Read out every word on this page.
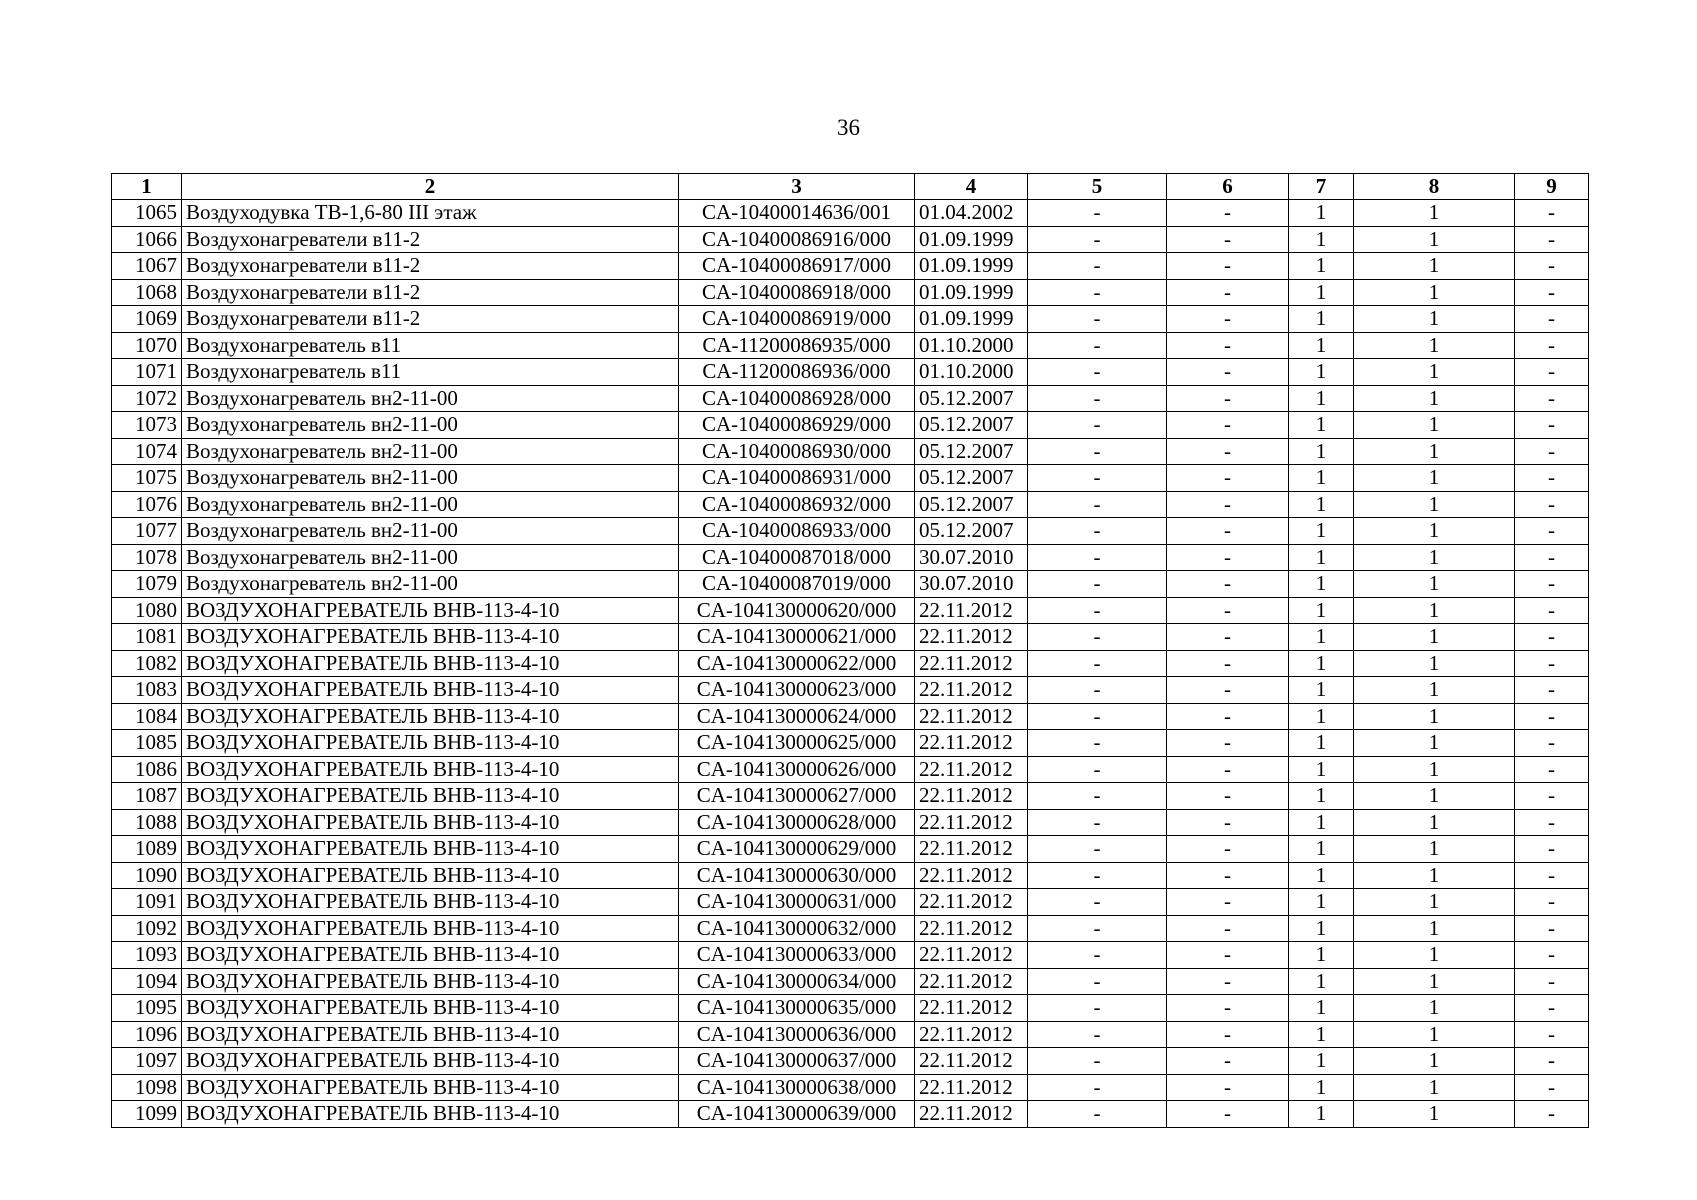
36
1	2	3	4	5	6	7	8	9
1065	Воздуходувка ТВ-1,6-80 III этаж	CA-10400014636/001	01.04.2002	-	-	1	1	-
1066	Воздухонагреватели в11-2	CA-10400086916/000	01.09.1999	-	-	1	1	-
1067	Воздухонагреватели в11-2	CA-10400086917/000	01.09.1999	-	-	1	1	-
1068	Воздухонагреватели в11-2	CA-10400086918/000	01.09.1999	-	-	1	1	-
1069	Воздухонагреватели в11-2	CA-10400086919/000	01.09.1999	-	-	1	1	-
1070	Воздухонагреватель в11	CA-11200086935/000	01.10.2000	-	-	1	1	-
1071	Воздухонагреватель в11	CA-11200086936/000	01.10.2000	-	-	1	1	-
1072	Воздухонагреватель вн2-11-00	CA-10400086928/000	05.12.2007	-	-	1	1	-
1073	Воздухонагреватель вн2-11-00	CA-10400086929/000	05.12.2007	-	-	1	1	-
1074	Воздухонагреватель вн2-11-00	CA-10400086930/000	05.12.2007	-	-	1	1	-
1075	Воздухонагреватель вн2-11-00	CA-10400086931/000	05.12.2007	-	-	1	1	-
1076	Воздухонагреватель вн2-11-00	CA-10400086932/000	05.12.2007	-	-	1	1	-
1077	Воздухонагреватель вн2-11-00	CA-10400086933/000	05.12.2007	-	-	1	1	-
1078	Воздухонагреватель вн2-11-00	CA-10400087018/000	30.07.2010	-	-	1	1	-
1079	Воздухонагреватель вн2-11-00	CA-10400087019/000	30.07.2010	-	-	1	1	-
1080	ВОЗДУХОНАГРЕВАТЕЛЬ ВНВ-113-4-10	CA-104130000620/000	22.11.2012	-	-	1	1	-
1081	ВОЗДУХОНАГРЕВАТЕЛЬ ВНВ-113-4-10	CA-104130000621/000	22.11.2012	-	-	1	1	-
1082	ВОЗДУХОНАГРЕВАТЕЛЬ ВНВ-113-4-10	CA-104130000622/000	22.11.2012	-	-	1	1	-
1083	ВОЗДУХОНАГРЕВАТЕЛЬ ВНВ-113-4-10	CA-104130000623/000	22.11.2012	-	-	1	1	-
1084	ВОЗДУХОНАГРЕВАТЕЛЬ ВНВ-113-4-10	CA-104130000624/000	22.11.2012	-	-	1	1	-
1085	ВОЗДУХОНАГРЕВАТЕЛЬ ВНВ-113-4-10	CA-104130000625/000	22.11.2012	-	-	1	1	-
1086	ВОЗДУХОНАГРЕВАТЕЛЬ ВНВ-113-4-10	CA-104130000626/000	22.11.2012	-	-	1	1	-
1087	ВОЗДУХОНАГРЕВАТЕЛЬ ВНВ-113-4-10	CA-104130000627/000	22.11.2012	-	-	1	1	-
1088	ВОЗДУХОНАГРЕВАТЕЛЬ ВНВ-113-4-10	CA-104130000628/000	22.11.2012	-	-	1	1	-
1089	ВОЗДУХОНАГРЕВАТЕЛЬ ВНВ-113-4-10	CA-104130000629/000	22.11.2012	-	-	1	1	-
1090	ВОЗДУХОНАГРЕВАТЕЛЬ ВНВ-113-4-10	CA-104130000630/000	22.11.2012	-	-	1	1	-
1091	ВОЗДУХОНАГРЕВАТЕЛЬ ВНВ-113-4-10	CA-104130000631/000	22.11.2012	-	-	1	1	-
1092	ВОЗДУХОНАГРЕВАТЕЛЬ ВНВ-113-4-10	CA-104130000632/000	22.11.2012	-	-	1	1	-
1093	ВОЗДУХОНАГРЕВАТЕЛЬ ВНВ-113-4-10	CA-104130000633/000	22.11.2012	-	-	1	1	-
1094	ВОЗДУХОНАГРЕВАТЕЛЬ ВНВ-113-4-10	CA-104130000634/000	22.11.2012	-	-	1	1	-
1095	ВОЗДУХОНАГРЕВАТЕЛЬ ВНВ-113-4-10	CA-104130000635/000	22.11.2012	-	-	1	1	-
1096	ВОЗДУХОНАГРЕВАТЕЛЬ ВНВ-113-4-10	CA-104130000636/000	22.11.2012	-	-	1	1	-
1097	ВОЗДУХОНАГРЕВАТЕЛЬ ВНВ-113-4-10	CA-104130000637/000	22.11.2012	-	-	1	1	-
1098	ВОЗДУХОНАГРЕВАТЕЛЬ ВНВ-113-4-10	CA-104130000638/000	22.11.2012	-	-	1	1	-
1099	ВОЗДУХОНАГРЕВАТЕЛЬ ВНВ-113-4-10	CA-104130000639/000	22.11.2012	-	-	1	1	-
